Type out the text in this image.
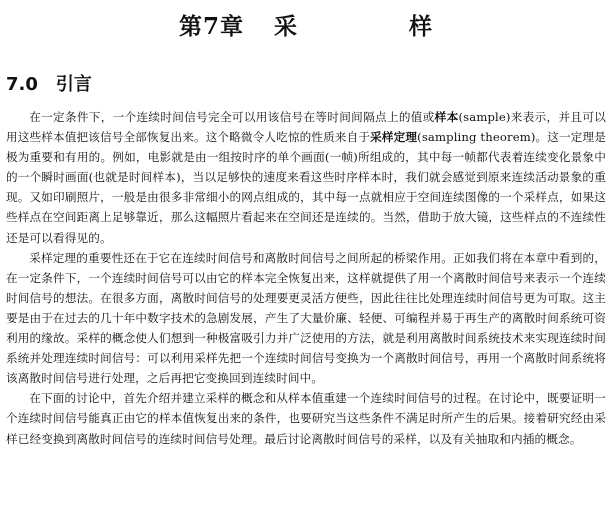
第7章 采 样
7.0 引言

在一定条件下，一个连续时间信号完全可以用该信号在等时间间隔点上的值或样本(sample)来表示，并且可以用这些样本值把该信号全部恢复出来。这个略微令人吃惊的性质来自于采样定理(sampling theorem)。这一定理是极为重要和有用的。例如，电影就是由一组按时序的单个画面(一帧)所组成的，其中每一帧都代表着连续变化景象中的一个瞬时画面(也就是时间样本)，当以足够快的速度来看这些时序样本时，我们就会感觉到原来连续活动景象的重现。又如印刷照片，一般是由很多非常细小的网点组成的，其中每一点就相应于空间连续图像的一个采样点，如果这些样点在空间距离上足够靠近，那么这幅照片看起来在空间还是连续的。当然，借助于放大镜，这些样点的不连续性还是可以看得见的。

采样定理的重要性还在于它在连续时间信号和离散时间信号之间所起的桥梁作用。正如我们将在本章中看到的，在一定条件下，一个连续时间信号可以由它的样本完全恢复出来，这样就提供了用一个离散时间信号来表示一个连续时间信号的想法。在很多方面，离散时间信号的处理要更灵活方便些，因此往往比处理连续时间信号更为可取。这主要是由于在过去的几十年中数字技术的急剧发展，产生了大量价廉、轻便、可编程并易于再生产的离散时间系统可资利用的缘故。采样的概念使人们想到一种极富吸引力并广泛使用的方法，就是利用离散时间系统技术来实现连续时间系统并处理连续时间信号：可以利用采样先把一个连续时间信号变换为一个离散时间信号，再用一个离散时间系统将该离散时间信号进行处理，之后再把它变换回到连续时间中。

在下面的讨论中，首先介绍并建立采样的概念和从样本值重建一个连续时间信号的过程。在讨论中，既要证明一个连续时间信号能真正由它的样本值恢复出来的条件，也要研究当这些条件不满足时所产生的后果。接着研究经由采样已经变换到离散时间信号的连续时间信号处理。最后讨论离散时间信号的采样，以及有关抽取和内插的概念。
